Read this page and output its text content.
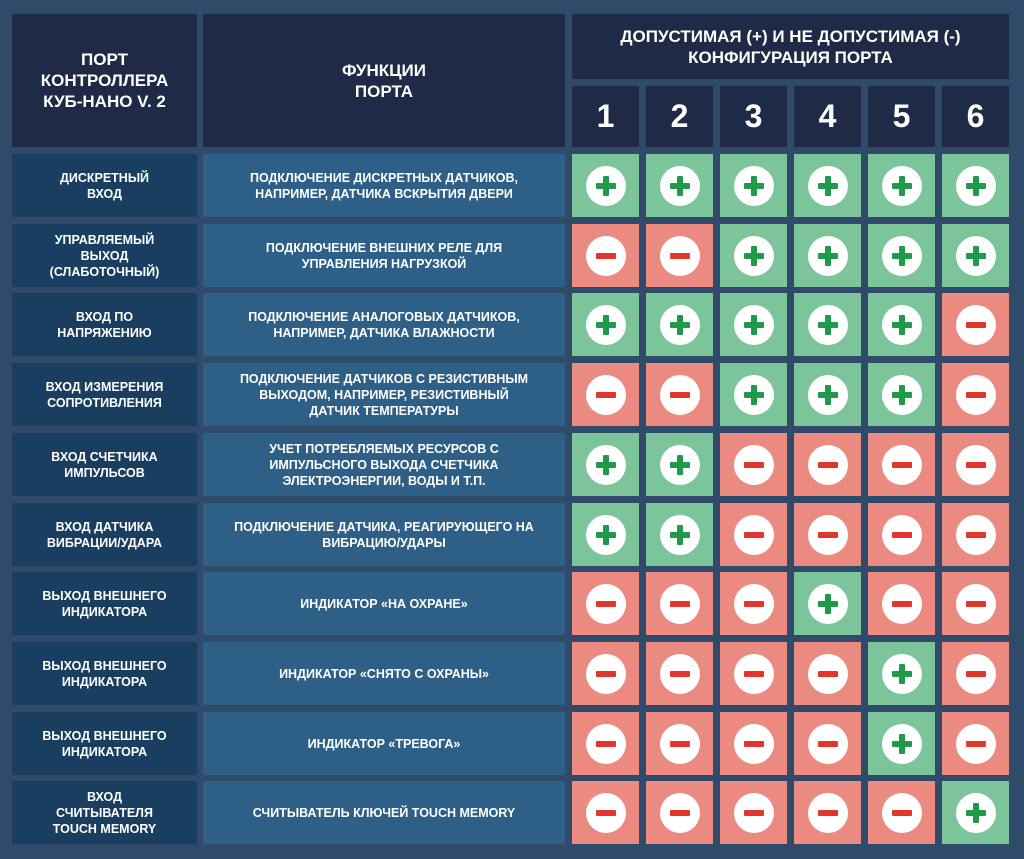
ПОРТ КОНТРОЛЛЕРА КУБ-НАНО V. 2
ФУНКЦИИ ПОРТА
ДОПУСТИМАЯ (+) И НЕ ДОПУСТИМАЯ (-) КОНФИГУРАЦИЯ ПОРТА
1 2 3 4 5 6
ДИСКРЕТНЫЙ ВХОД
ПОДКЛЮЧЕНИЕ ДИСКРЕТНЫХ ДАТЧИКОВ, НАПРИМЕР, ДАТЧИКА ВСКРЫТИЯ ДВЕРИ
УПРАВЛЯЕМЫЙ ВЫХОД (СЛАБОТОЧНЫЙ)
ПОДКЛЮЧЕНИЕ ВНЕШНИХ РЕЛЕ ДЛЯ УПРАВЛЕНИЯ НАГРУЗКОЙ
ВХОД ПО НАПРЯЖЕНИЮ
ПОДКЛЮЧЕНИЕ АНАЛОГОВЫХ ДАТЧИКОВ, НАПРИМЕР, ДАТЧИКА ВЛАЖНОСТИ
ВХОД ИЗМЕРЕНИЯ СОПРОТИВЛЕНИЯ
ПОДКЛЮЧЕНИЕ ДАТЧИКОВ С РЕЗИСТИВНЫМ ВЫХОДОМ, НАПРИМЕР, РЕЗИСТИВНЫЙ ДАТЧИК ТЕМПЕРАТУРЫ
ВХОД СЧЕТЧИКА ИМПУЛЬСОВ
УЧЕТ ПОТРЕБЛЯЕМЫХ РЕСУРСОВ С ИМПУЛЬСНОГО ВЫХОДА СЧЕТЧИКА ЭЛЕКТРОЭНЕРГИИ, ВОДЫ И Т.П.
ВХОД ДАТЧИКА ВИБРАЦИИ/УДАРА
ПОДКЛЮЧЕНИЕ ДАТЧИКА, РЕАГИРУЮЩЕГО НА ВИБРАЦИЮ/УДАРЫ
ВЫХОД ВНЕШНЕГО ИНДИКАТОРА
ИНДИКАТОР «НА ОХРАНЕ»
ВЫХОД ВНЕШНЕГО ИНДИКАТОРА
ИНДИКАТОР «СНЯТО С ОХРАНЫ»
ВЫХОД ВНЕШНЕГО ИНДИКАТОРА
ИНДИКАТОР «ТРЕВОГА»
ВХОД СЧИТЫВАТЕЛЯ TOUCH MEMORY
СЧИТЫВАТЕЛЬ КЛЮЧЕЙ TOUCH MEMORY
